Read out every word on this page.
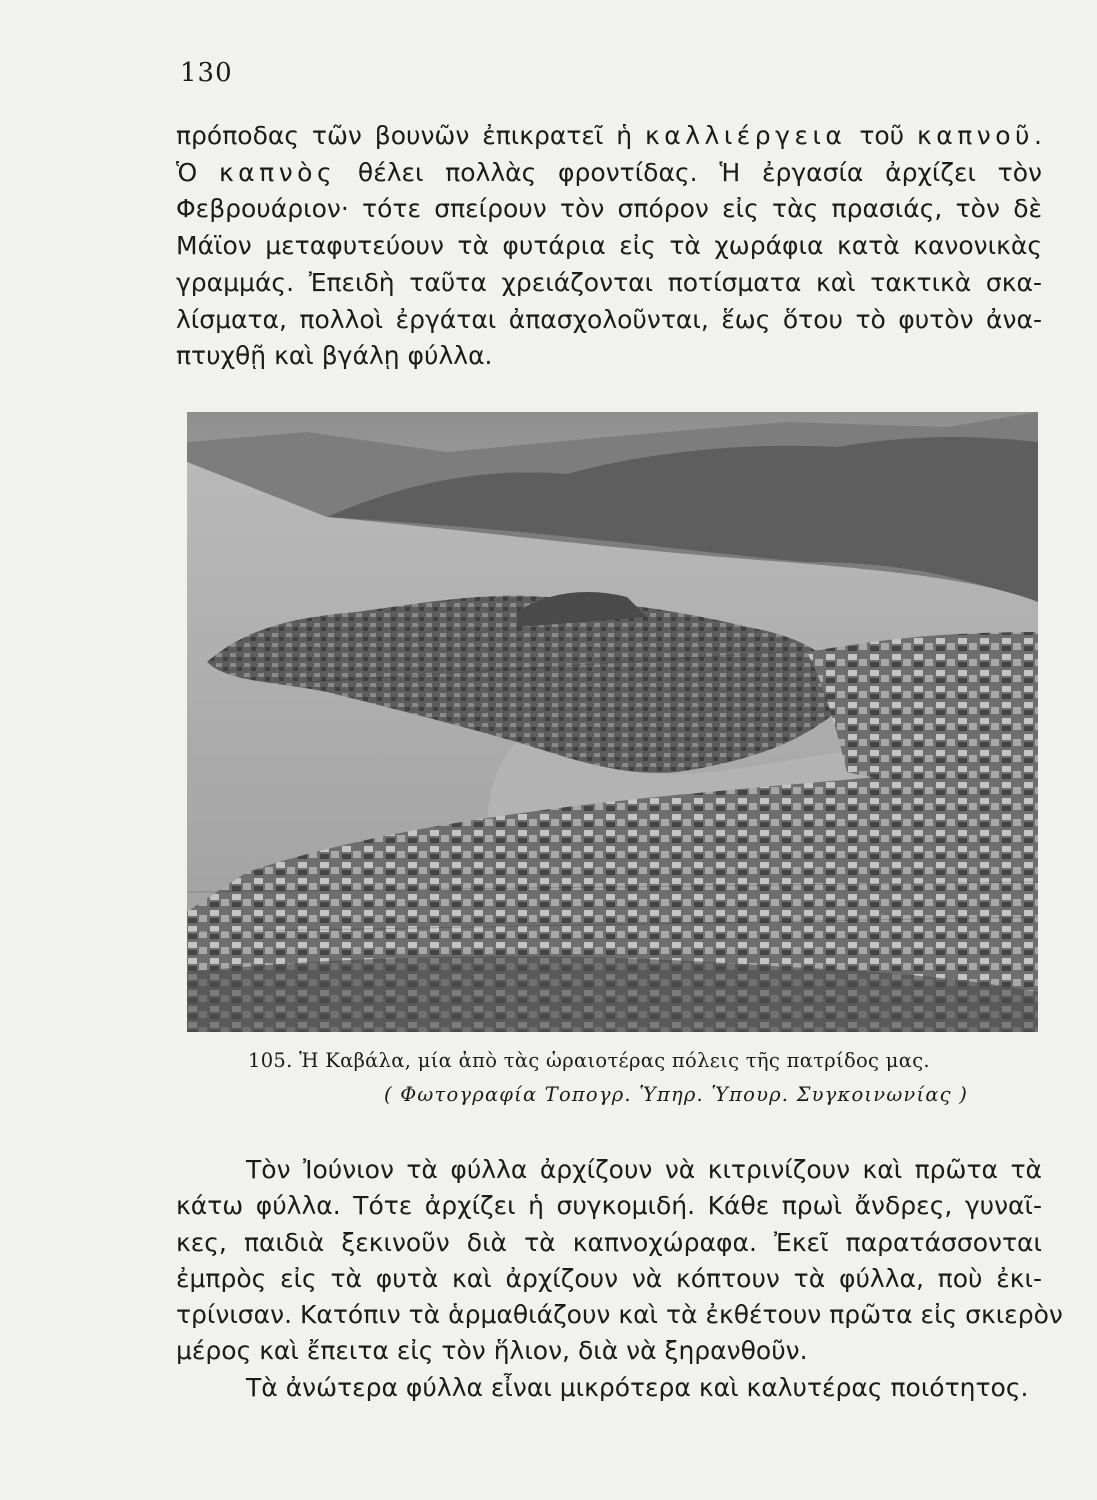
130
πρόποδας τῶν βουνῶν ἐπικρατεῖ ἡ καλλιέργεια τοῦ καπνοῦ.
Ὁ καπνὸς θέλει πολλὰς φροντίδας. Ἡ ἐργασία ἀρχίζει τὸν
Φεβρουάριον· τότε σπείρουν τὸν σπόρον εἰς τὰς πρασιάς, τὸν δὲ
Μάϊον μεταφυτεύουν τὰ φυτάρια εἰς τὰ χωράφια κατὰ κανονικὰς
γραμμάς. Ἐπειδὴ ταῦτα χρειάζονται ποτίσματα καὶ τακτικὰ σκα-
λίσματα, πολλοὶ ἐργάται ἀπασχολοῦνται, ἕως ὅτου τὸ φυτὸν ἀνα-
πτυχθῇ καὶ βγάλῃ φύλλα.
105. Ἡ Καβάλα, μία ἀπὸ τὰς ὡραιοτέρας πόλεις τῆς πατρίδος μας.
( Φωτογραφία Τοπογρ. Ὑπηρ. Ὑπουρ. Συγκοινωνίας )
Τὸν Ἰούνιον τὰ φύλλα ἀρχίζουν νὰ κιτρινίζουν καὶ πρῶτα τὰ
κάτω φύλλα. Τότε ἀρχίζει ἡ συγκομιδή. Κάθε πρωὶ ἄνδρες, γυναῖ-
κες, παιδιὰ ξεκινοῦν διὰ τὰ καπνοχώραφα. Ἐκεῖ παρατάσσονται
ἐμπρὸς εἰς τὰ φυτὰ καὶ ἀρχίζουν νὰ κόπτουν τὰ φύλλα, ποὺ ἐκι-
τρίνισαν. Κατόπιν τὰ ἁρμαθιάζουν καὶ τὰ ἐκθέτουν πρῶτα εἰς σκιερὸν
μέρος καὶ ἔπειτα εἰς τὸν ἥλιον, διὰ νὰ ξηρανθοῦν.
Τὰ ἀνώτερα φύλλα εἶναι μικρότερα καὶ καλυτέρας ποιότητος.
